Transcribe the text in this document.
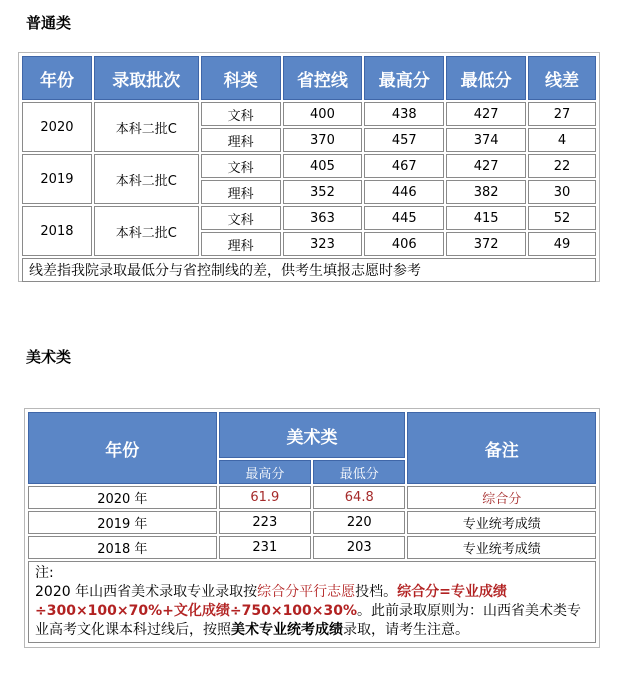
普通类
年份	录取批次	科类	省控线	最高分	最低分	线差
2020	本科二批C	文科	400	438	427	27
		理科	370	457	374	4
2019	本科二批C	文科	405	467	427	22
		理科	352	446	382	30
2018	本科二批C	文科	363	445	415	52
		理科	323	406	372	49
线差指我院录取最低分与省控制线的差，供考生填报志愿时参考						
美术类
年份	美术类		备注
	最高分	最低分	
2020 年	61.9	64.8	综合分
2019 年	223	220	专业统考成绩
2018 年	231	203	专业统考成绩

注:
2020 年山西省美术录取专业录取按综合分平行志愿投档。综合分=专业成绩÷300×100×70%+文化成绩÷750×100×30%。此前录取原则为：山西省美术类专业高考文化课本科过线后，按照美术专业统考成绩录取，请考生注意。			
